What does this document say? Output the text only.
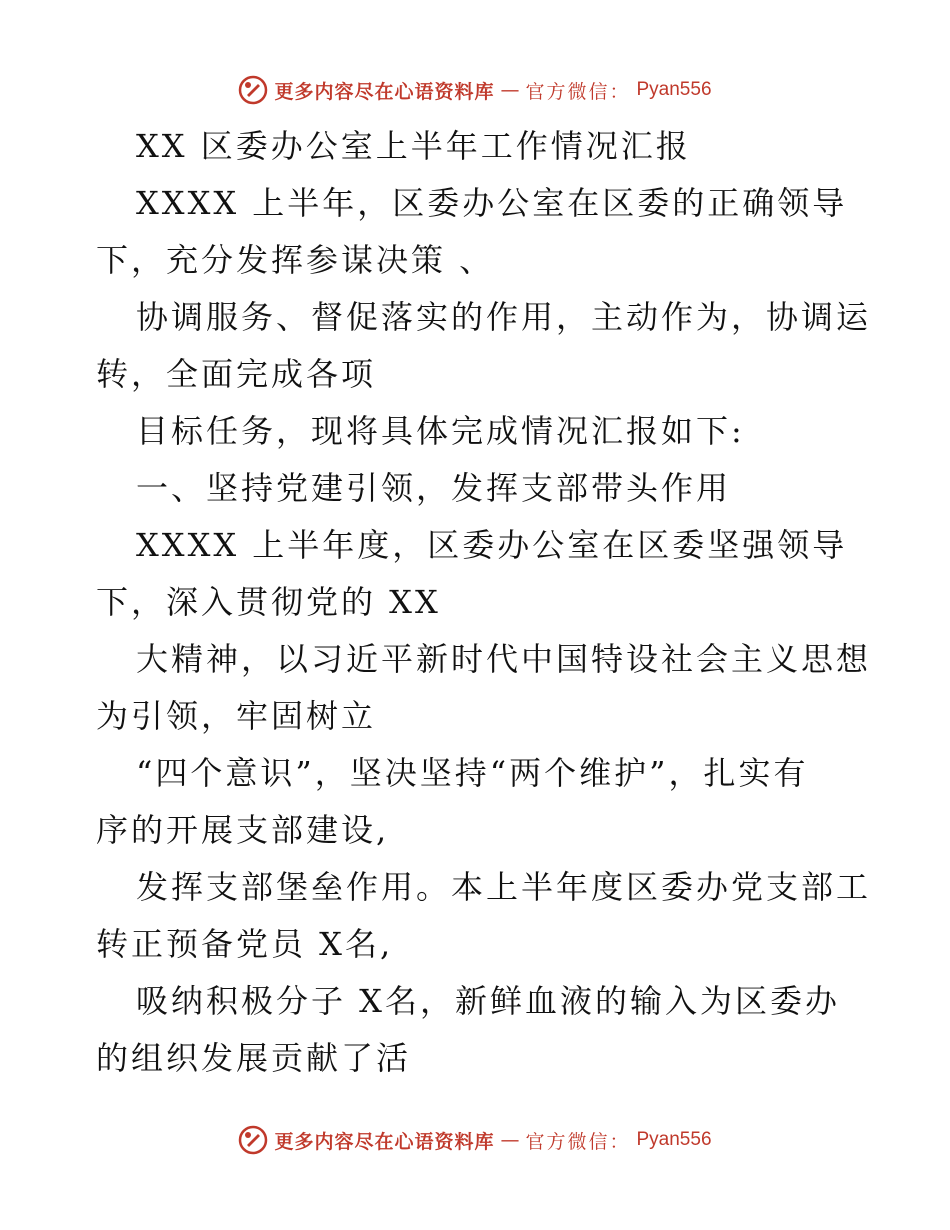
更多内容尽在心语资料库 — 官方微信： Pyan556
XX 区委办公室上半年工作情况汇报
XXXX 上半年，区委办公室在区委的正确领导
下，充分发挥参谋决策 、
协调服务、督促落实的作用，主动作为，协调运
转，全面完成各项
目标任务，现将具体完成情况汇报如下:
一、坚持党建引领，发挥支部带头作用
XXXX 上半年度，区委办公室在区委坚强领导
下，深入贯彻党的 XX
大精神，以习近平新时代中国特设社会主义思想
为引领，牢固树立
“四个意识”，坚决坚持“两个维护”，扎实有
序的开展支部建设,
发挥支部堡垒作用。本上半年度区委办党支部工
转正预备党员 X名,
吸纳积极分子 X名，新鲜血液的输入为区委办
的组织发展贡献了活
更多内容尽在心语资料库 — 官方微信： Pyan556
